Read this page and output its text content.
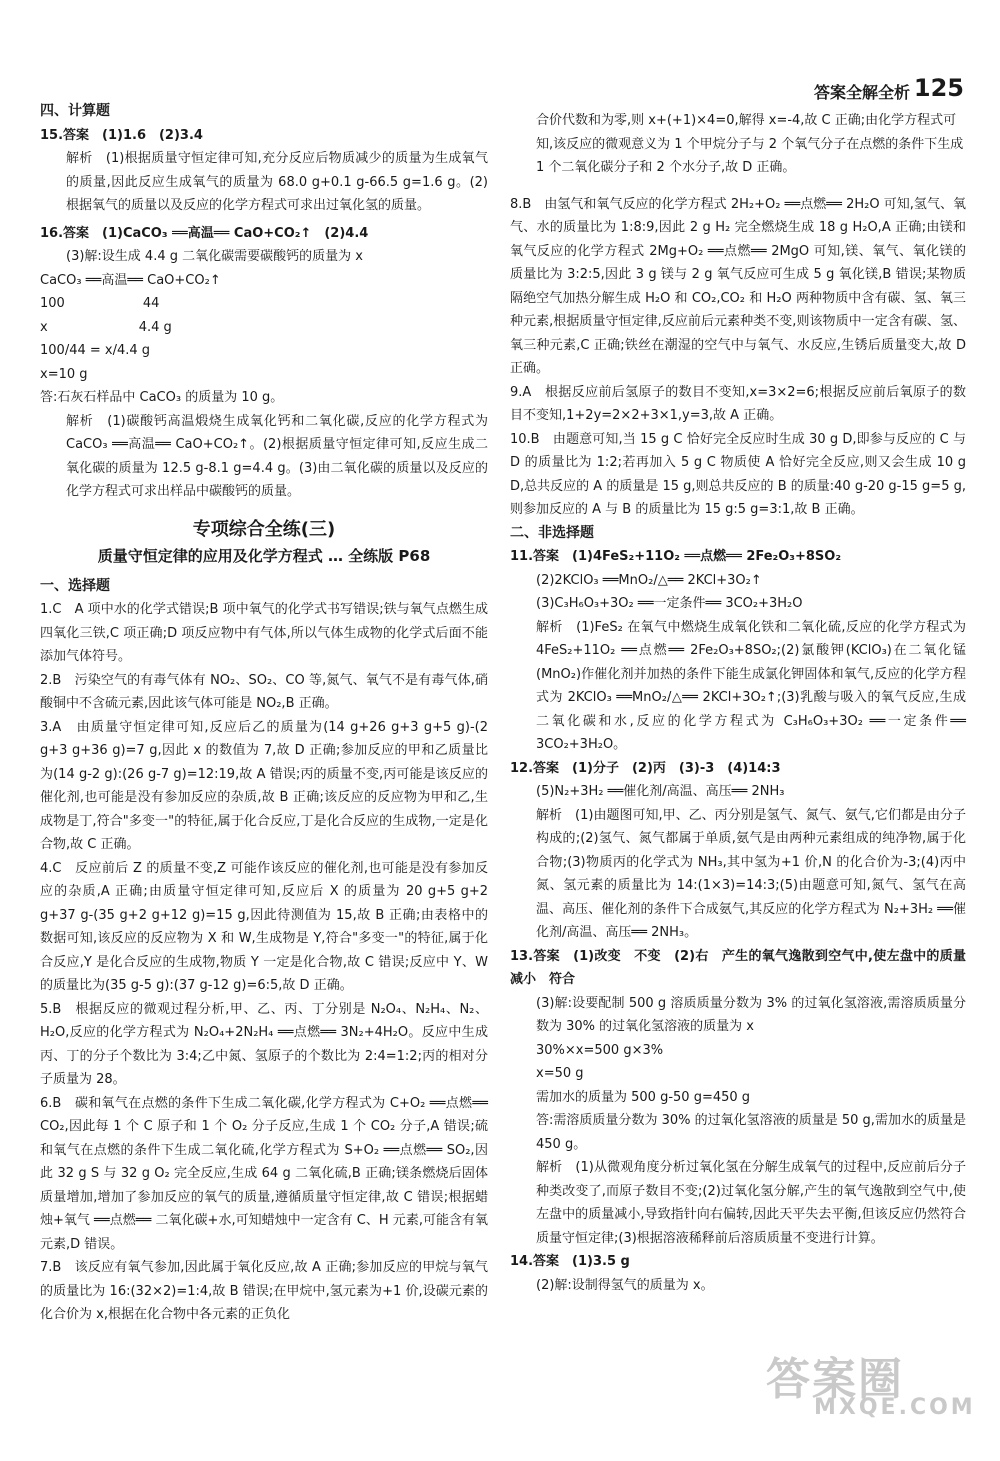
答案全解全析 125

四、计算题

15.答案　(1)1.6　(2)3.4

解析　(1)根据质量守恒定律可知,充分反应后物质减少的质量为生成氧气的质量,因此反应生成氧气的质量为 68.0 g+0.1 g-66.5 g=1.6 g。(2)根据氧气的质量以及反应的化学方程式可求出过氧化氢的质量。

16.答案　(1)CaCO₃ ══高温══ CaO+CO₂↑　(2)4.4

(3)解:设生成 4.4 g 二氧化碳需要碳酸钙的质量为 x

CaCO₃ ══高温══ CaO+CO₂↑

100　　　　　　44

x　　　　　　　4.4 g

100/44 = x/4.4 g

x=10 g

答:石灰石样品中 CaCO₃ 的质量为 10 g。

解析　(1)碳酸钙高温煅烧生成氧化钙和二氧化碳,反应的化学方程式为 CaCO₃ ══高温══ CaO+CO₂↑。(2)根据质量守恒定律可知,反应生成二氧化碳的质量为 12.5 g-8.1 g=4.4 g。(3)由二氧化碳的质量以及反应的化学方程式可求出样品中碳酸钙的质量。

专项综合全练(三)

质量守恒定律的应用及化学方程式 … 全练版 P68

一、选择题

1.C　A 项中水的化学式错误;B 项中氧气的化学式书写错误;铁与氧气点燃生成四氧化三铁,C 项正确;D 项反应物中有气体,所以气体生成物的化学式后面不能添加气体符号。

2.B　污染空气的有毒气体有 NO₂、SO₂、CO 等,氮气、氧气不是有毒气体,硝酸铜中不含硫元素,因此该气体可能是 NO₂,B 正确。

3.A　由质量守恒定律可知,反应后乙的质量为(14 g+26 g+3 g+5 g)-(2 g+3 g+36 g)=7 g,因此 x 的数值为 7,故 D 正确;参加反应的甲和乙质量比为(14 g-2 g):(26 g-7 g)=12:19,故 A 错误;丙的质量不变,丙可能是该反应的催化剂,也可能是没有参加反应的杂质,故 B 正确;该反应的反应物为甲和乙,生成物是丁,符合"多变一"的特征,属于化合反应,丁是化合反应的生成物,一定是化合物,故 C 正确。

4.C　反应前后 Z 的质量不变,Z 可能作该反应的催化剂,也可能是没有参加反应的杂质,A 正确;由质量守恒定律可知,反应后 X 的质量为 20 g+5 g+2 g+37 g-(35 g+2 g+12 g)=15 g,因此待测值为 15,故 B 正确;由表格中的数据可知,该反应的反应物为 X 和 W,生成物是 Y,符合"多变一"的特征,属于化合反应,Y 是化合反应的生成物,物质 Y 一定是化合物,故 C 错误;反应中 Y、W 的质量比为(35 g-5 g):(37 g-12 g)=6:5,故 D 正确。

5.B　根据反应的微观过程分析,甲、乙、丙、丁分别是 N₂O₄、N₂H₄、N₂、H₂O,反应的化学方程式为 N₂O₄+2N₂H₄ ══点燃══ 3N₂+4H₂O。反应中生成丙、丁的分子个数比为 3:4;乙中氮、氢原子的个数比为 2:4=1:2;丙的相对分子质量为 28。

6.B　碳和氧气在点燃的条件下生成二氧化碳,化学方程式为 C+O₂ ══点燃══ CO₂,因此每 1 个 C 原子和 1 个 O₂ 分子反应,生成 1 个 CO₂ 分子,A 错误;硫和氧气在点燃的条件下生成二氧化硫,化学方程式为 S+O₂ ══点燃══ SO₂,因此 32 g S 与 32 g O₂ 完全反应,生成 64 g 二氧化硫,B 正确;镁条燃烧后固体质量增加,增加了参加反应的氧气的质量,遵循质量守恒定律,故 C 错误;根据蜡烛+氧气 ══点燃══ 二氧化碳+水,可知蜡烛中一定含有 C、H 元素,可能含有氧元素,D 错误。

7.B　该反应有氧气参加,因此属于氧化反应,故 A 正确;参加反应的甲烷与氧气的质量比为 16:(32×2)=1:4,故 B 错误;在甲烷中,氢元素为+1 价,设碳元素的化合价为 x,根据在化合物中各元素的正负化

合价代数和为零,则 x+(+1)×4=0,解得 x=-4,故 C 正确;由化学方程式可知,该反应的微观意义为 1 个甲烷分子与 2 个氧气分子在点燃的条件下生成 1 个二氧化碳分子和 2 个水分子,故 D 正确。

8.B　由氢气和氧气反应的化学方程式 2H₂+O₂ ══点燃══ 2H₂O 可知,氢气、氧气、水的质量比为 1:8:9,因此 2 g H₂ 完全燃烧生成 18 g H₂O,A 正确;由镁和氧气反应的化学方程式 2Mg+O₂ ══点燃══ 2MgO 可知,镁、氧气、氧化镁的质量比为 3:2:5,因此 3 g 镁与 2 g 氧气反应可生成 5 g 氧化镁,B 错误;某物质隔绝空气加热分解生成 H₂O 和 CO₂,CO₂ 和 H₂O 两种物质中含有碳、氢、氧三种元素,根据质量守恒定律,反应前后元素种类不变,则该物质中一定含有碳、氢、氧三种元素,C 正确;铁丝在潮湿的空气中与氧气、水反应,生锈后质量变大,故 D 正确。

9.A　根据反应前后氢原子的数目不变知,x=3×2=6;根据反应前后氧原子的数目不变知,1+2y=2×2+3×1,y=3,故 A 正确。

10.B　由题意可知,当 15 g C 恰好完全反应时生成 30 g D,即参与反应的 C 与 D 的质量比为 1:2;若再加入 5 g C 物质使 A 恰好完全反应,则又会生成 10 g D,总共反应的 A 的质量是 15 g,则总共反应的 B 的质量:40 g-20 g-15 g=5 g,则参加反应的 A 与 B 的质量比为 15 g:5 g=3:1,故 B 正确。

二、非选择题

11.答案　(1)4FeS₂+11O₂ ══点燃══ 2Fe₂O₃+8SO₂

(2)2KClO₃ ══MnO₂/△══ 2KCl+3O₂↑

(3)C₃H₆O₃+3O₂ ══一定条件══ 3CO₂+3H₂O

解析　(1)FeS₂ 在氧气中燃烧生成氧化铁和二氧化硫,反应的化学方程式为 4FeS₂+11O₂ ══点燃══ 2Fe₂O₃+8SO₂;(2)氯酸钾(KClO₃)在二氧化锰(MnO₂)作催化剂并加热的条件下能生成氯化钾固体和氧气,反应的化学方程式为 2KClO₃ ══MnO₂/△══ 2KCl+3O₂↑;(3)乳酸与吸入的氧气反应,生成二氧化碳和水,反应的化学方程式为 C₃H₆O₃+3O₂ ══一定条件══ 3CO₂+3H₂O。

12.答案　(1)分子　(2)丙　(3)-3　(4)14:3

(5)N₂+3H₂ ══催化剂/高温、高压══ 2NH₃

解析　(1)由题图可知,甲、乙、丙分别是氢气、氮气、氨气,它们都是由分子构成的;(2)氢气、氮气都属于单质,氨气是由两种元素组成的纯净物,属于化合物;(3)物质丙的化学式为 NH₃,其中氢为+1 价,N 的化合价为-3;(4)丙中氮、氢元素的质量比为 14:(1×3)=14:3;(5)由题意可知,氮气、氢气在高温、高压、催化剂的条件下合成氨气,其反应的化学方程式为 N₂+3H₂ ══催化剂/高温、高压══ 2NH₃。

13.答案　(1)改变　不变　(2)右　产生的氧气逸散到空气中,使左盘中的质量减小　符合

(3)解:设要配制 500 g 溶质质量分数为 3% 的过氧化氢溶液,需溶质质量分数为 30% 的过氧化氢溶液的质量为 x

30%×x=500 g×3%

x=50 g

需加水的质量为 500 g-50 g=450 g

答:需溶质质量分数为 30% 的过氧化氢溶液的质量是 50 g,需加水的质量是 450 g。

解析　(1)从微观角度分析过氧化氢在分解生成氧气的过程中,反应前后分子种类改变了,而原子数目不变;(2)过氧化氢分解,产生的氧气逸散到空气中,使左盘中的质量减小,导致指针向右偏转,因此天平失去平衡,但该反应仍然符合质量守恒定律;(3)根据溶液稀释前后溶质质量不变进行计算。

14.答案　(1)3.5 g

(2)解:设制得氢气的质量为 x。

答案圈
MXQE.COM
